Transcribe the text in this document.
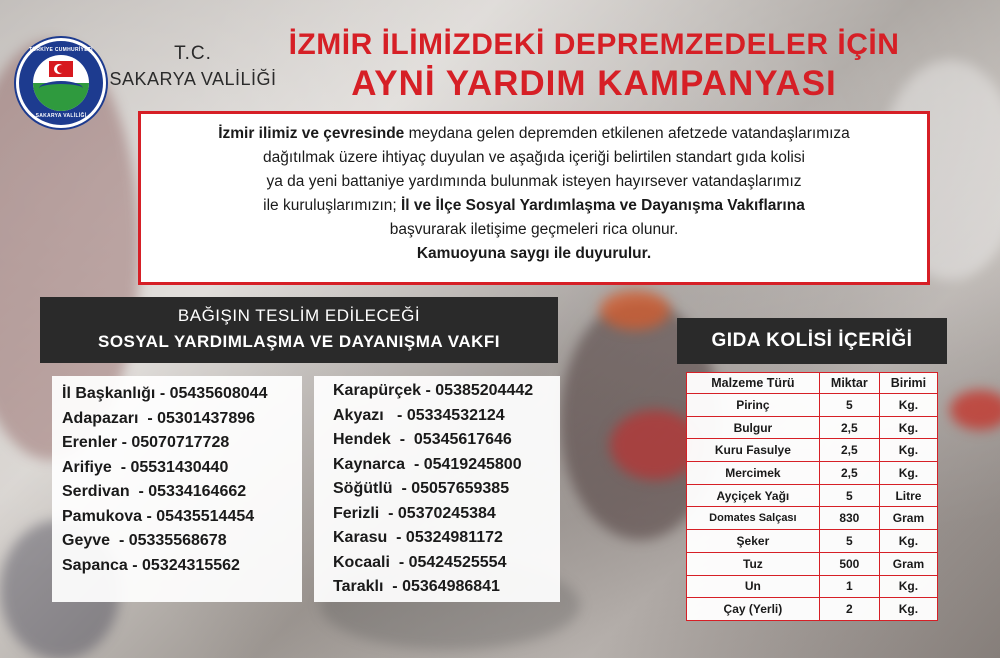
TÜRKİYE CUMHURİYETİ
SAKARYA VALİLİĞİ
T.C.
SAKARYA VALİLİĞİ
İZMİR İLİMİZDEKİ DEPREMZEDELER İÇİN
AYNİ YARDIM KAMPANYASI
İzmir ilimiz ve çevresinde meydana gelen depremden etkilenen afetzede vatandaşlarımıza
dağıtılmak üzere ihtiyaç duyulan ve aşağıda içeriği belirtilen standart gıda kolisi
ya da yeni battaniye yardımında bulunmak isteyen hayırsever vatandaşlarımız
ile kuruluşlarımızın; İl ve İlçe Sosyal Yardımlaşma ve Dayanışma Vakıflarına
başvurarak iletişime geçmeleri rica olunur.
Kamuoyuna saygı ile duyurulur.
BAĞIŞIN TESLİM EDİLECEĞİ
SOSYAL YARDIMLAŞMA VE DAYANIŞMA VAKFI
İl Başkanlığı - 05435608044
Adapazarı  - 05301437896
Erenler - 05070717728
Arifiye  - 05531430440
Serdivan  - 05334164662
Pamukova - 05435514454
Geyve  - 05335568678
Sapanca - 05324315562
Karapürçek - 05385204442
Akyazı   - 05334532124
Hendek  -  05345617646
Kaynarca  - 05419245800
Söğütlü  - 05057659385
Ferizli  - 05370245384
Karasu  - 05324981172
Kocaali  - 05424525554
Taraklı  - 05364986841
GIDA KOLİSİ İÇERİĞİ
Malzeme Türü	Miktar	Birimi
Pirinç	5	Kg.
Bulgur	2,5	Kg.
Kuru Fasulye	2,5	Kg.
Mercimek	2,5	Kg.
Ayçiçek Yağı	5	Litre
Domates Salçası	830	Gram
Şeker	5	Kg.
Tuz	500	Gram
Un	1	Kg.
Çay (Yerli)	2	Kg.
